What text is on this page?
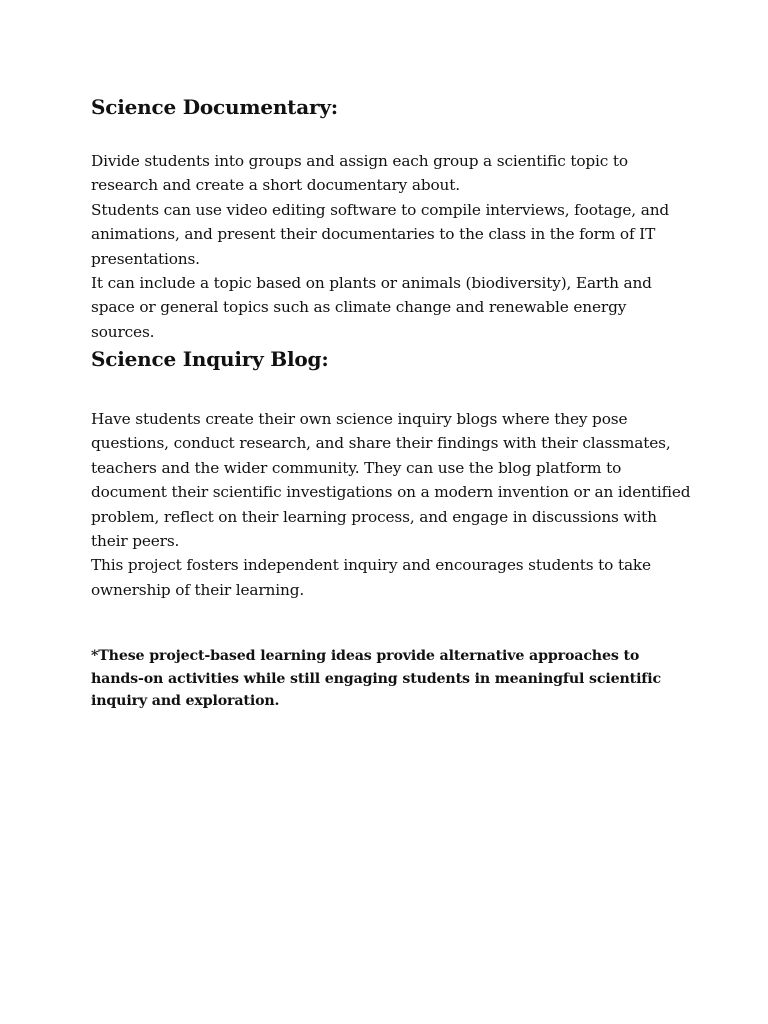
Science Documentary:

Divide students into groups and assign each group a scientific topic to research and create a short documentary about.

Students can use video editing software to compile interviews, footage, and animations, and present their documentaries to the class in the form of IT presentations.

It can include a topic based on plants or animals (biodiversity), Earth and space or general topics such as climate change and renewable energy sources.

Science Inquiry Blog:

Have students create their own science inquiry blogs where they pose questions, conduct research, and share their findings with their classmates, teachers and the wider community. They can use the blog platform to document their scientific investigations on a modern invention or an identified problem, reflect on their learning process, and engage in discussions with their peers.

This project fosters independent inquiry and encourages students to take ownership of their learning.

*These project-based learning ideas provide alternative approaches to hands-on activities while still engaging students in meaningful scientific inquiry and exploration.
